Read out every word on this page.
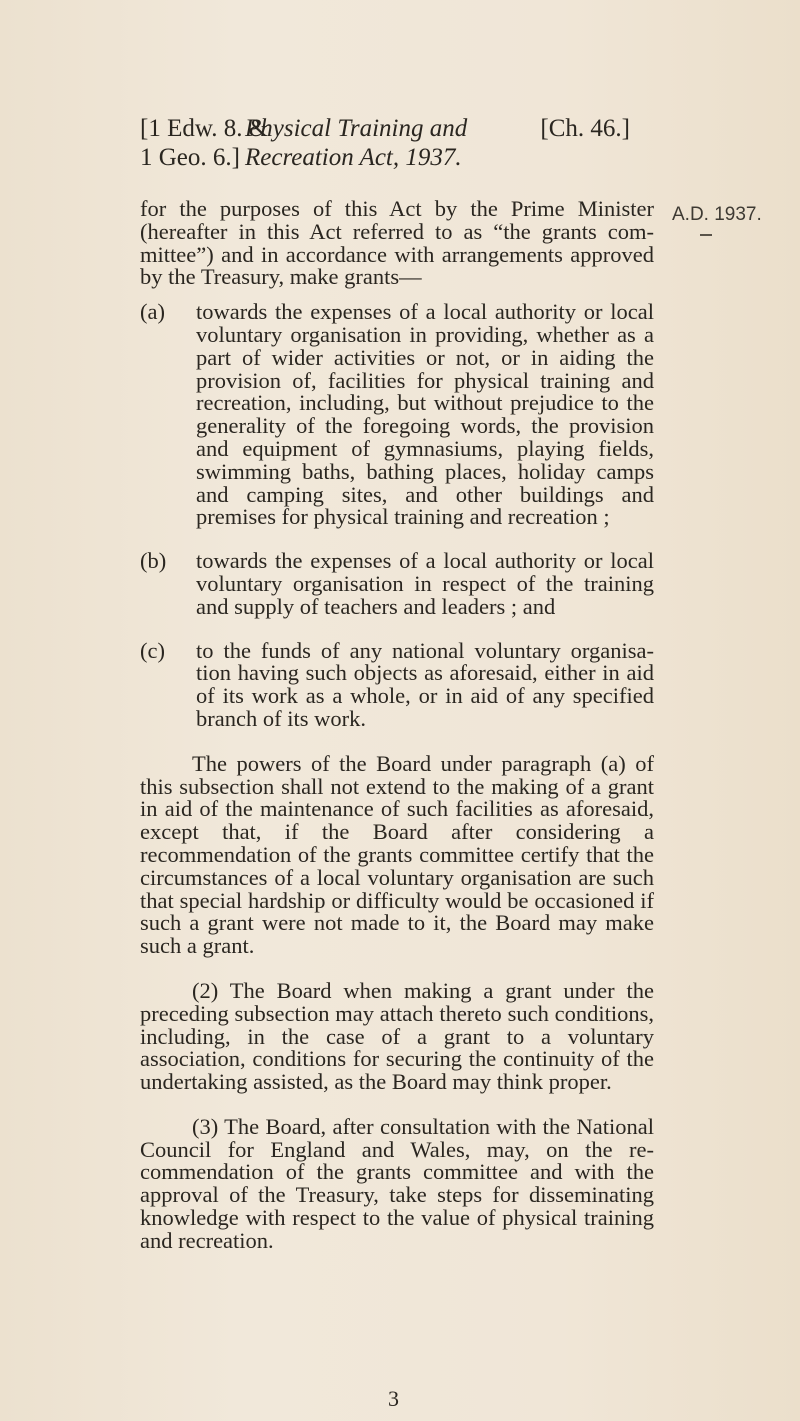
[1 Edw. 8. &
1 Geo. 6.]
Physical Training and
Recreation Act, 1937.
[Ch. 46.]
A.D. 1937.

for the purposes of this Act by the Prime Minister (hereafter in this Act referred to as “the grants com-mittee”) and in accordance with arrangements approved by the Treasury, make grants—

(a) towards the expenses of a local authority or local voluntary organisation in providing, whether as a part of wider activities or not, or in aiding the provision of, facilities for physical training and recreation, including, but without prejudice to the generality of the foregoing words, the provision and equipment of gymnasiums, playing fields, swimming baths, bathing places, holiday camps and camping sites, and other buildings and premises for physical training and recreation ;
(b) towards the expenses of a local authority or local voluntary organisation in respect of the training and supply of teachers and leaders ; and
(c) to the funds of any national voluntary organisa-tion having such objects as aforesaid, either in aid of its work as a whole, or in aid of any specified branch of its work.

The powers of the Board under paragraph (a) of this subsection shall not extend to the making of a grant in aid of the maintenance of such facilities as aforesaid, except that, if the Board after considering a recommendation of the grants committee certify that the circumstances of a local voluntary organisation are such that special hardship or difficulty would be occasioned if such a grant were not made to it, the Board may make such a grant.

(2) The Board when making a grant under the preceding subsection may attach thereto such conditions, including, in the case of a grant to a voluntary association, conditions for securing the continuity of the undertaking assisted, as the Board may think proper.

(3) The Board, after consultation with the National Council for England and Wales, may, on the re-commendation of the grants committee and with the approval of the Treasury, take steps for disseminating knowledge with respect to the value of physical training and recreation.

3
